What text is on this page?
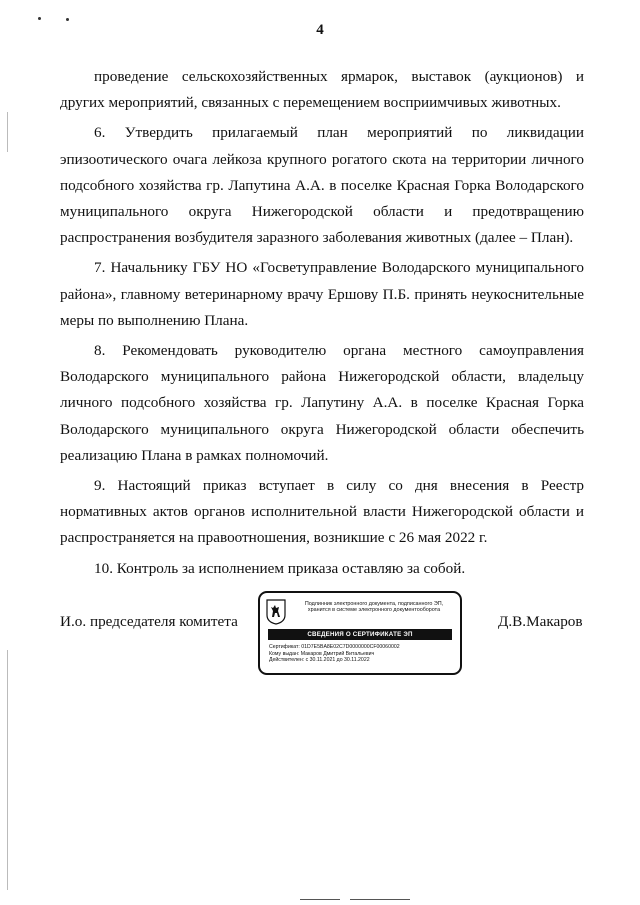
4

проведение сельскохозяйственных ярмарок, выставок (аукционов) и других мероприятий, связанных с перемещением восприимчивых животных.

6. Утвердить прилагаемый план мероприятий по ликвидации эпизоотического очага лейкоза крупного рогатого скота на территории личного подсобного хозяйства гр. Лапутина А.А. в поселке Красная Горка Володарского муниципального округа Нижегородской области и предотвращению распространения возбудителя заразного заболевания животных (далее – План).

7. Начальнику ГБУ НО «Госветуправление Володарского муниципального района», главному ветеринарному врачу Ершову П.Б. принять неукоснительные меры по выполнению Плана.

8. Рекомендовать руководителю органа местного самоуправления Володарского муниципального района Нижегородской области, владельцу личного подсобного хозяйства гр. Лапутину А.А. в поселке Красная Горка Володарского муниципального округа Нижегородской области обеспечить реализацию Плана в рамках полномочий.

9. Настоящий приказ вступает в силу со дня внесения в Реестр нормативных актов органов исполнительной власти Нижегородской области и распространяется на правоотношения, возникшие с 26 мая 2022 г.

10. Контроль за исполнением приказа оставляю за собой.

И.о. председателя комитета
Подлинник электронного документа, подписанного ЭП,
хранится в системе электронного документооборота
СВЕДЕНИЯ О СЕРТИФИКАТЕ ЭП
Сертификат: 01D7E5BA8E02C7D0000000CF00060002
Кому выдан: Макаров Дмитрий Витальевич
Действителен: с 30.11.2021 до 30.11.2022
Д.В.Макаров
